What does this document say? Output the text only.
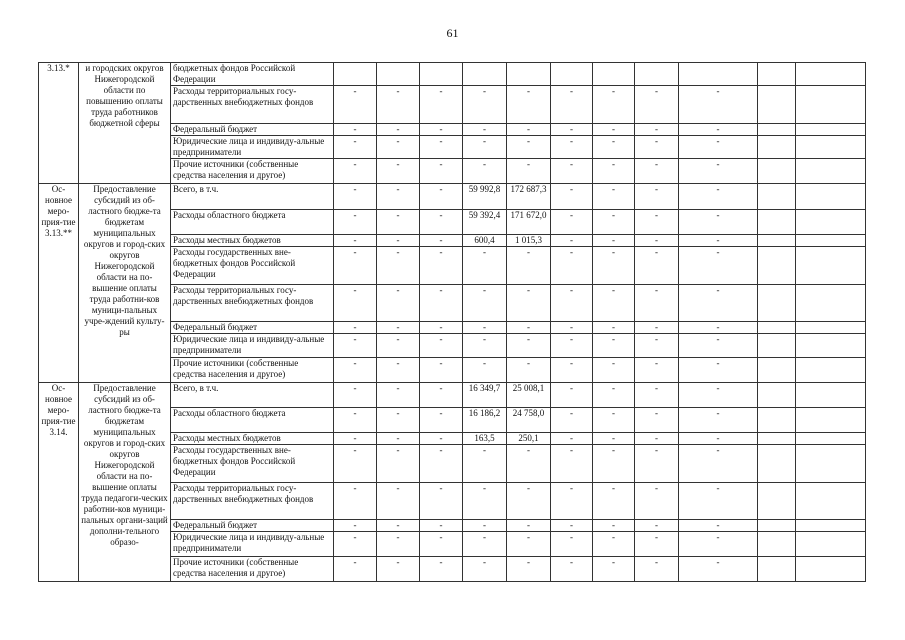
61
3.13.*	и городских округов Нижегородской области по повышению оплаты труда работников бюджетной сферы	бюджетных фондов Российской Федерации												
		Расходы территориальных госу-дарственных внебюджетных фондов	-	-	-	-	-	-	-	-	-			
		Федеральный бюджет	-	-	-	-	-	-	-	-	-			
		Юридические лица и индивиду-альные предприниматели	-	-	-	-	-	-	-	-	-			
		Прочие источники (собственные средства населения и другое)	-	-	-	-	-	-	-	-	-			
Ос-новное меро-прия-тие 3.13.**	Предоставление субсидий из об-ластного бюдже-та бюджетам муниципальных округов и город-ских округов Нижегородской области на по-вышение оплаты труда работни-ков муници-пальных учре-ждений культу-ры	Всего, в т.ч.	-	-	-	59 992,8	172 687,3	-	-	-	-			
		Расходы областного бюджета	-	-	-	59 392,4	171 672,0	-	-	-	-			
		Расходы местных бюджетов	-	-	-	600,4	1 015,3	-	-	-	-			
		Расходы государственных вне-бюджетных фондов Российской Федерации	-	-	-	-	-	-	-	-	-			
		Расходы территориальных госу-дарственных внебюджетных фондов	-	-	-	-	-	-	-	-	-			
		Федеральный бюджет	-	-	-	-	-	-	-	-	-			
		Юридические лица и индивиду-альные предприниматели	-	-	-	-	-	-	-	-	-			
		Прочие источники (собственные средства населения и другое)	-	-	-	-	-	-	-	-	-			
Ос-новное меро-прия-тие 3.14.	Предоставление субсидий из об-ластного бюдже-та бюджетам муниципальных округов и город-ских округов Нижегородской области на по-вышение оплаты труда педагоги-ческих работни-ков муници-пальных органи-заций дополни-тельного образо-	Всего, в т.ч.	-	-	-	16 349,7	25 008,1	-	-	-	-			
		Расходы областного бюджета	-	-	-	16 186,2	24 758,0	-	-	-	-			
		Расходы местных бюджетов	-	-	-	163,5	250,1	-	-	-	-			
		Расходы государственных вне-бюджетных фондов Российской Федерации	-	-	-	-	-	-	-	-	-			
		Расходы территориальных госу-дарственных внебюджетных фондов	-	-	-	-	-	-	-	-	-			
		Федеральный бюджет	-	-	-	-	-	-	-	-	-			
		Юридические лица и индивиду-альные предприниматели	-	-	-	-	-	-	-	-	-			
		Прочие источники (собственные средства населения и другое)	-	-	-	-	-	-	-	-	-			
